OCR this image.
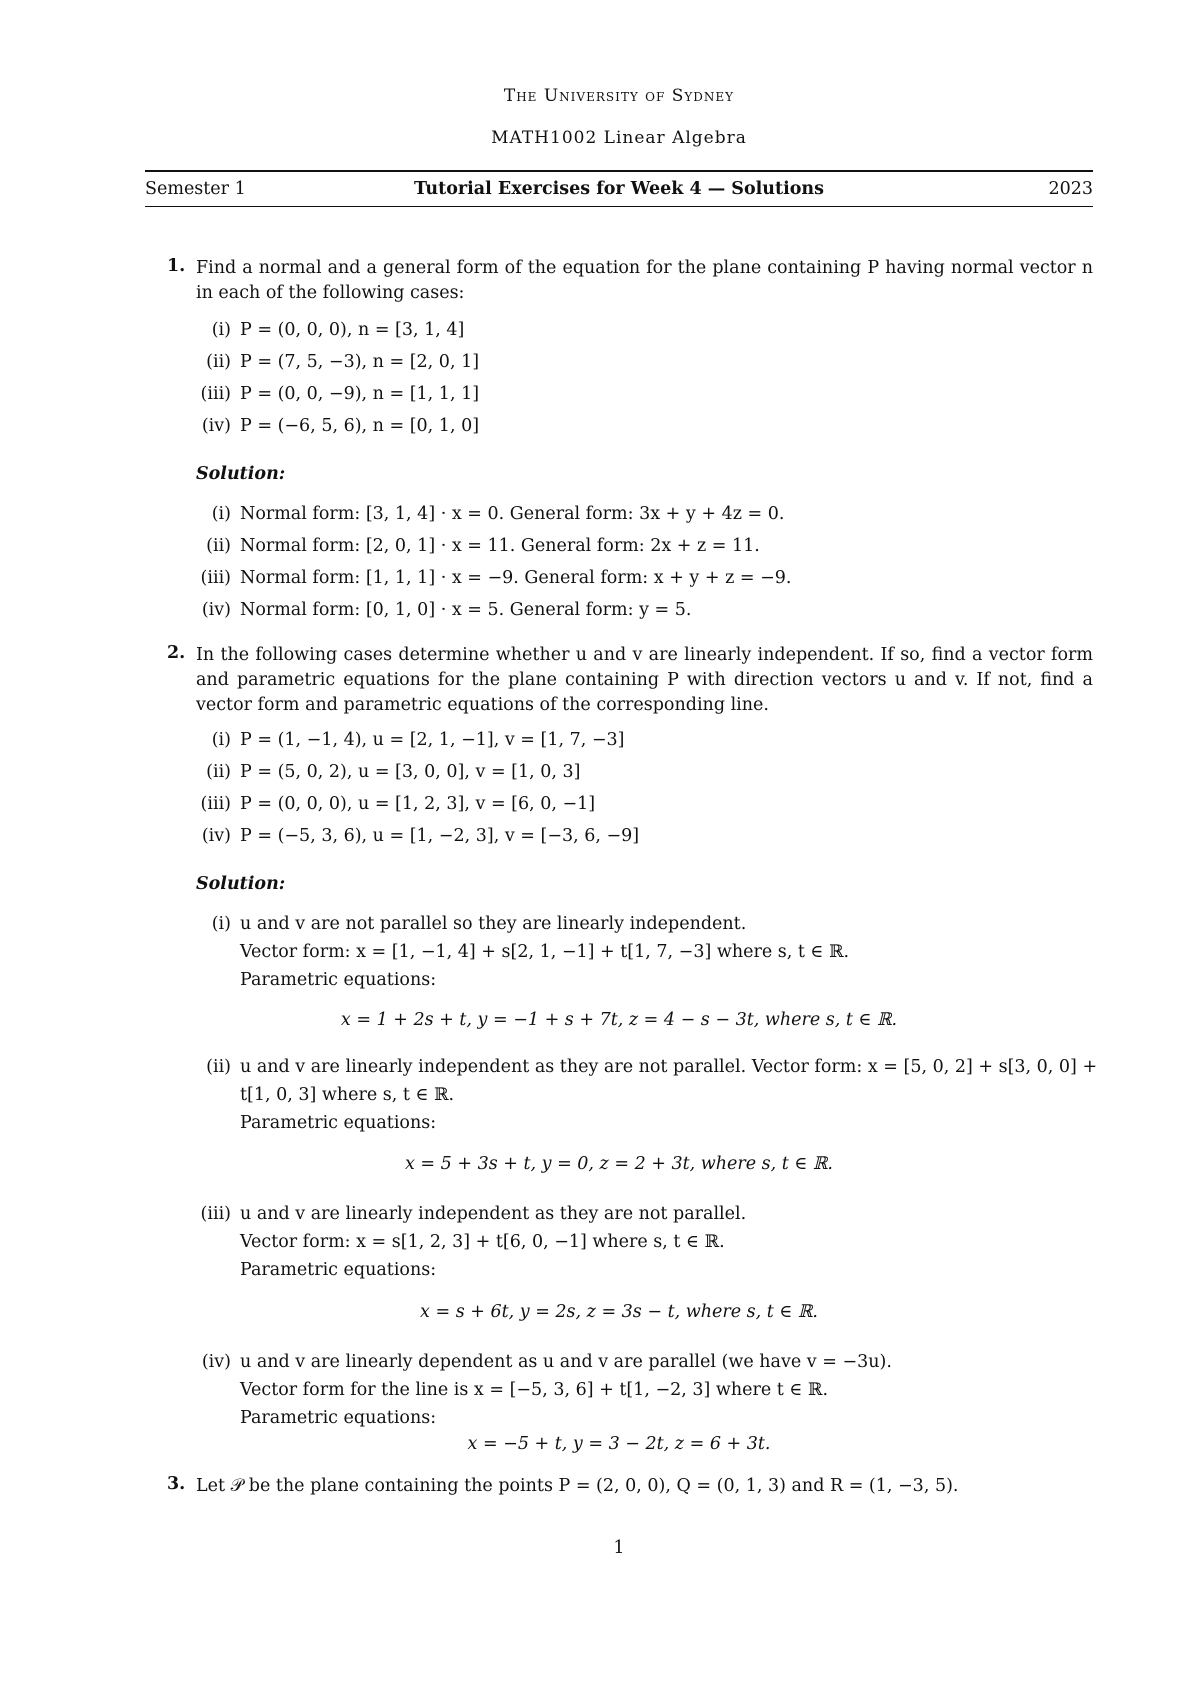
The University of Sydney
MATH1002 Linear Algebra
Semester 1	Tutorial Exercises for Week 4 — Solutions	2023
1. Find a normal and a general form of the equation for the plane containing P having normal vector n in each of the following cases:
(i) P = (0, 0, 0), n = [3, 1, 4]
(ii) P = (7, 5, −3), n = [2, 0, 1]
(iii) P = (0, 0, −9), n = [1, 1, 1]
(iv) P = (−6, 5, 6), n = [0, 1, 0]
Solution:
(i) Normal form: [3, 1, 4] · x = 0. General form: 3x + y + 4z = 0.
(ii) Normal form: [2, 0, 1] · x = 11. General form: 2x + z = 11.
(iii) Normal form: [1, 1, 1] · x = −9. General form: x + y + z = −9.
(iv) Normal form: [0, 1, 0] · x = 5. General form: y = 5.
2. In the following cases determine whether u and v are linearly independent. If so, find a vector form and parametric equations for the plane containing P with direction vectors u and v. If not, find a vector form and parametric equations of the corresponding line.
(i) P = (1, −1, 4), u = [2, 1, −1], v = [1, 7, −3]
(ii) P = (5, 0, 2), u = [3, 0, 0], v = [1, 0, 3]
(iii) P = (0, 0, 0), u = [1, 2, 3], v = [6, 0, −1]
(iv) P = (−5, 3, 6), u = [1, −2, 3], v = [−3, 6, −9]
Solution:
(i) u and v are not parallel so they are linearly independent.
Vector form: x = [1, −1, 4] + s[2, 1, −1] + t[1, 7, −3] where s, t ∈ ℝ.
Parametric equations:
x = 1 + 2s + t, y = −1 + s + 7t, z = 4 − s − 3t, where s, t ∈ ℝ.
(ii) u and v are linearly independent as they are not parallel. Vector form: x = [5, 0, 2] + s[3, 0, 0] +
t[1, 0, 3] where s, t ∈ ℝ.
Parametric equations:
x = 5 + 3s + t, y = 0, z = 2 + 3t, where s, t ∈ ℝ.
(iii) u and v are linearly independent as they are not parallel.
Vector form: x = s[1, 2, 3] + t[6, 0, −1] where s, t ∈ ℝ.
Parametric equations:
x = s + 6t, y = 2s, z = 3s − t, where s, t ∈ ℝ.
(iv) u and v are linearly dependent as u and v are parallel (we have v = −3u).
Vector form for the line is x = [−5, 3, 6] + t[1, −2, 3] where t ∈ ℝ.
Parametric equations:
x = −5 + t, y = 3 − 2t, z = 6 + 3t.
3. Let 𝒫 be the plane containing the points P = (2, 0, 0), Q = (0, 1, 3) and R = (1, −3, 5).
1
